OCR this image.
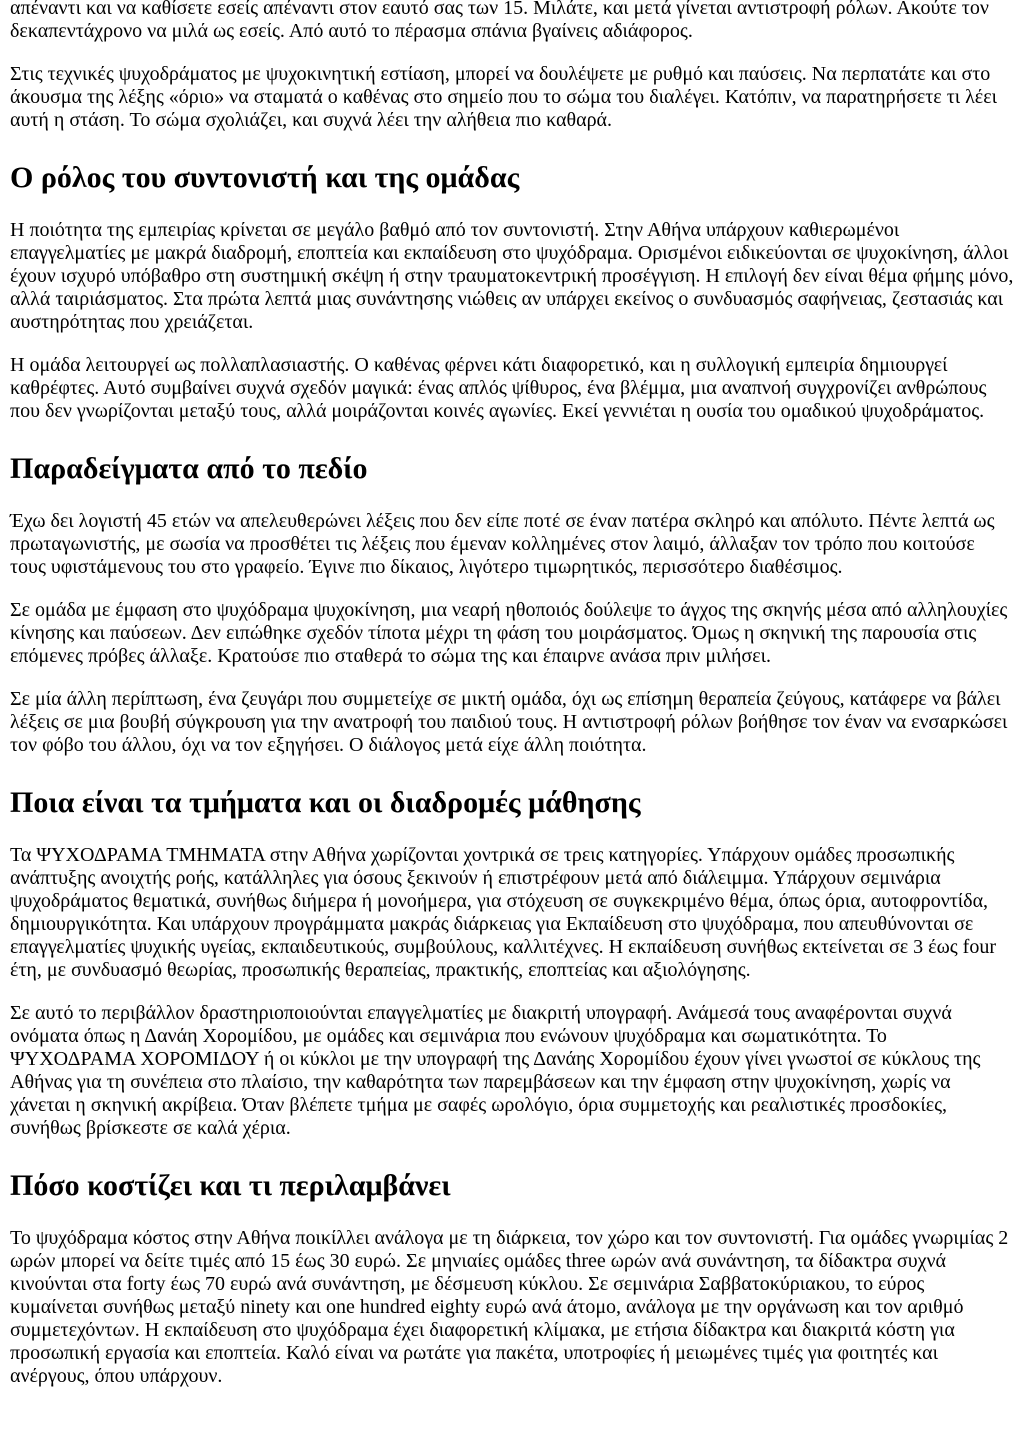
απέναντι και να καθίσετε εσείς απέναντι στον εαυτό σας των 15. Μιλάτε, και μετά γίνεται αντιστροφή ρόλων. Ακούτε τον δεκαπεντάχρονο να μιλά ως εσείς. Από αυτό το πέρασμα σπάνια βγαίνεις αδιάφορος.

Στις τεχνικές ψυχοδράματος με ψυχοκινητική εστίαση, μπορεί να δουλέψετε με ρυθμό και παύσεις. Να περπατάτε και στο άκουσμα της λέξης «όριο» να σταματά ο καθένας στο σημείο που το σώμα του διαλέγει. Κατόπιν, να παρατηρήσετε τι λέει αυτή η στάση. Το σώμα σχολιάζει, και συχνά λέει την αλήθεια πιο καθαρά.

Ο ρόλος του συντονιστή και της ομάδας

Η ποιότητα της εμπειρίας κρίνεται σε μεγάλο βαθμό από τον συντονιστή. Στην Αθήνα υπάρχουν καθιερωμένοι επαγγελματίες με μακρά διαδρομή, εποπτεία και εκπαίδευση στο ψυχόδραμα. Ορισμένοι ειδικεύονται σε ψυχοκίνηση, άλλοι έχουν ισχυρό υπόβαθρο στη συστημική σκέψη ή στην τραυματοκεντρική προσέγγιση. Η επιλογή δεν είναι θέμα φήμης μόνο, αλλά ταιριάσματος. Στα πρώτα λεπτά μιας συνάντησης νιώθεις αν υπάρχει εκείνος ο συνδυασμός σαφήνειας, ζεστασιάς και αυστηρότητας που χρειάζεται.

Η ομάδα λειτουργεί ως πολλαπλασιαστής. Ο καθένας φέρνει κάτι διαφορετικό, και η συλλογική εμπειρία δημιουργεί καθρέφτες. Αυτό συμβαίνει συχνά σχεδόν μαγικά: ένας απλός ψίθυρος, ένα βλέμμα, μια αναπνοή συγχρονίζει ανθρώπους που δεν γνωρίζονται μεταξύ τους, αλλά μοιράζονται κοινές αγωνίες. Εκεί γεννιέται η ουσία του ομαδικού ψυχοδράματος.

Παραδείγματα από το πεδίο

Έχω δει λογιστή 45 ετών να απελευθερώνει λέξεις που δεν είπε ποτέ σε έναν πατέρα σκληρό και απόλυτο. Πέντε λεπτά ως πρωταγωνιστής, με σωσία να προσθέτει τις λέξεις που έμεναν κολλημένες στον λαιμό, άλλαξαν τον τρόπο που κοιτούσε τους υφιστάμενους του στο γραφείο. Έγινε πιο δίκαιος, λιγότερο τιμωρητικός, περισσότερο διαθέσιμος.

Σε ομάδα με έμφαση στο ψυχόδραμα ψυχοκίνηση, μια νεαρή ηθοποιός δούλεψε το άγχος της σκηνής μέσα από αλληλουχίες κίνησης και παύσεων. Δεν ειπώθηκε σχεδόν τίποτα μέχρι τη φάση του μοιράσματος. Όμως η σκηνική της παρουσία στις επόμενες πρόβες άλλαξε. Κρατούσε πιο σταθερά το σώμα της και έπαιρνε ανάσα πριν μιλήσει.

Σε μία άλλη περίπτωση, ένα ζευγάρι που συμμετείχε σε μικτή ομάδα, όχι ως επίσημη θεραπεία ζεύγους, κατάφερε να βάλει λέξεις σε μια βουβή σύγκρουση για την ανατροφή του παιδιού τους. Η αντιστροφή ρόλων βοήθησε τον έναν να ενσαρκώσει τον φόβο του άλλου, όχι να τον εξηγήσει. Ο διάλογος μετά είχε άλλη ποιότητα.

Ποια είναι τα τμήματα και οι διαδρομές μάθησης

Τα ΨΥΧΟΔΡΑΜΑ ΤΜΗΜΑΤΑ στην Αθήνα χωρίζονται χοντρικά σε τρεις κατηγορίες. Υπάρχουν ομάδες προσωπικής ανάπτυξης ανοιχτής ροής, κατάλληλες για όσους ξεκινούν ή επιστρέφουν μετά από διάλειμμα. Υπάρχουν σεμινάρια ψυχοδράματος θεματικά, συνήθως διήμερα ή μονοήμερα, για στόχευση σε συγκεκριμένο θέμα, όπως όρια, αυτοφροντίδα, δημιουργικότητα. Και υπάρχουν προγράμματα μακράς διάρκειας για Εκπαίδευση στο ψυχόδραμα, που απευθύνονται σε επαγγελματίες ψυχικής υγείας, εκπαιδευτικούς, συμβούλους, καλλιτέχνες. Η εκπαίδευση συνήθως εκτείνεται σε 3 έως four έτη, με συνδυασμό θεωρίας, προσωπικής θεραπείας, πρακτικής, εποπτείας και αξιολόγησης.

Σε αυτό το περιβάλλον δραστηριοποιούνται επαγγελματίες με διακριτή υπογραφή. Ανάμεσά τους αναφέρονται συχνά ονόματα όπως η Δανάη Χορομίδου, με ομάδες και σεμινάρια που ενώνουν ψυχόδραμα και σωματικότητα. Το ΨΥΧΟΔΡΑΜΑ ΧΟΡΟΜΙΔΟΥ ή οι κύκλοι με την υπογραφή της Δανάης Χορομίδου έχουν γίνει γνωστοί σε κύκλους της Αθήνας για τη συνέπεια στο πλαίσιο, την καθαρότητα των παρεμβάσεων και την έμφαση στην ψυχοκίνηση, χωρίς να χάνεται η σκηνική ακρίβεια. Όταν βλέπετε τμήμα με σαφές ωρολόγιο, όρια συμμετοχής και ρεαλιστικές προσδοκίες, συνήθως βρίσκεστε σε καλά χέρια.

Πόσο κοστίζει και τι περιλαμβάνει

Το ψυχόδραμα κόστος στην Αθήνα ποικίλλει ανάλογα με τη διάρκεια, τον χώρο και τον συντονιστή. Για ομάδες γνωριμίας 2 ωρών μπορεί να δείτε τιμές από 15 έως 30 ευρώ. Σε μηνιαίες ομάδες three ωρών ανά συνάντηση, τα δίδακτρα συχνά κινούνται στα forty έως 70 ευρώ ανά συνάντηση, με δέσμευση κύκλου. Σε σεμινάρια Σαββατοκύριακου, το εύρος κυμαίνεται συνήθως μεταξύ ninety και one hundred eighty ευρώ ανά άτομο, ανάλογα με την οργάνωση και τον αριθμό συμμετεχόντων. Η εκπαίδευση στο ψυχόδραμα έχει διαφορετική κλίμακα, με ετήσια δίδακτρα και διακριτά κόστη για προσωπική εργασία και εποπτεία. Καλό είναι να ρωτάτε για πακέτα, υποτροφίες ή μειωμένες τιμές για φοιτητές και ανέργους, όπου υπάρχουν.
